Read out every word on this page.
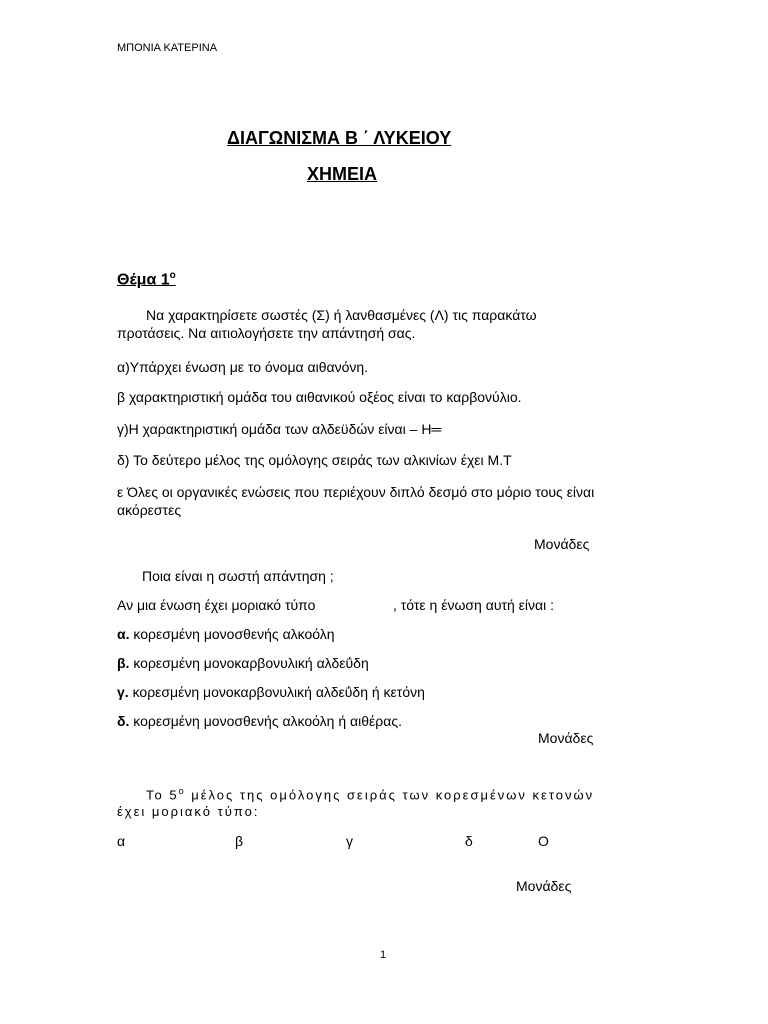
ΜΠΟΝΙΑ ΚΑΤΕΡΙΝΑ
ΔΙΑΓΩΝΙΣΜΑ Β ΄ ΛΥΚΕΙΟΥ
ΧΗΜΕΙΑ
Θέμα $1^o$
Να χαρακτηρίσετε σωστές (Σ) ή λανθασμένες (Λ) τις παρακάτω
προτάσεις. Να αιτιολογήσετε την απάντησή σας.
α)Υπάρχει ένωση με το όνομα αιθανόνη.
β χαρακτηριστική ομάδα του αιθανικού οξέος είναι το καρβονύλιο.
γ)Η χαρακτηριστική ομάδα των αλδεϋδών είναι – Η═
δ) Το δεύτερο μέλος της ομόλογης σειράς των αλκινίων έχει Μ.Τ
ε Όλες οι οργανικές ενώσεις που περιέχουν διπλό δεσμό στο μόριο τους είναι
ακόρεστες
Μονάδες
Ποια είναι η σωστή απάντηση ;
Αν μια ένωση έχει μοριακό τύπο	, τότε η ένωση αυτή είναι :
α. κορεσμένη μονοσθενής αλκοόλη
β. κορεσμένη μονοκαρβονυλική αλδεΰδη
γ. κορεσμένη μονοκαρβονυλική αλδεΰδη ή κετόνη
δ. κορεσμένη μονοσθενής αλκοόλη ή αιθέρας.
Μονάδες
Το $5^o$ μέλος της ομόλογης σειράς των κορεσμένων κετονών
έχει μοριακό τύπο:
α	β	γ	δ	Ο
Μονάδες
1
